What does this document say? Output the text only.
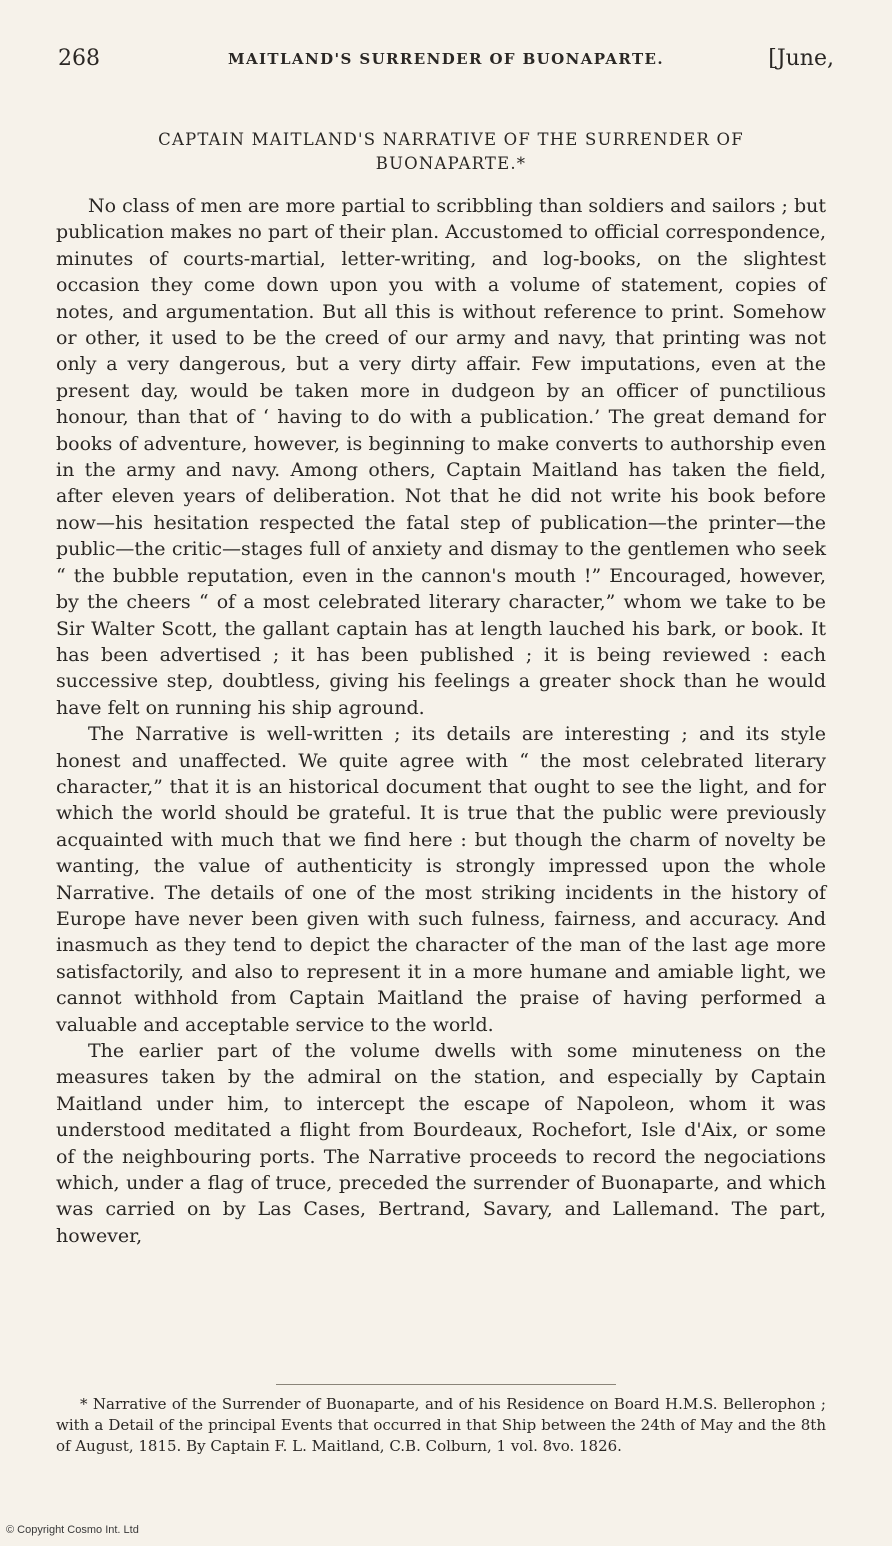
268	MAITLAND'S SURRENDER OF BUONAPARTE.	[June,
CAPTAIN MAITLAND'S NARRATIVE OF THE SURRENDER OF
BUONAPARTE.*

No class of men are more partial to scribbling than soldiers and sailors ; but publication makes no part of their plan. Accustomed to official correspondence, minutes of courts-martial, letter-writing, and log-books, on the slightest occasion they come down upon you with a volume of statement, copies of notes, and argumentation. But all this is without reference to print. Somehow or other, it used to be the creed of our army and navy, that printing was not only a very dangerous, but a very dirty affair. Few imputations, even at the present day, would be taken more in dudgeon by an officer of punctilious honour, than that of ‘ having to do with a publication.’ The great demand for books of adventure, however, is beginning to make converts to authorship even in the army and navy. Among others, Captain Maitland has taken the field, after eleven years of deliberation. Not that he did not write his book before now—his hesitation respected the fatal step of publication—the printer—the public—the critic—stages full of anxiety and dismay to the gentlemen who seek “ the bubble reputation, even in the cannon's mouth !” Encouraged, however, by the cheers “ of a most celebrated literary character,” whom we take to be Sir Walter Scott, the gallant captain has at length lauched his bark, or book. It has been advertised ; it has been published ; it is being reviewed : each successive step, doubtless, giving his feelings a greater shock than he would have felt on running his ship aground.

The Narrative is well-written ; its details are interesting ; and its style honest and unaffected. We quite agree with “ the most celebrated literary character,” that it is an historical document that ought to see the light, and for which the world should be grateful. It is true that the public were previously acquainted with much that we find here : but though the charm of novelty be wanting, the value of authenticity is strongly impressed upon the whole Narrative. The details of one of the most striking incidents in the history of Europe have never been given with such fulness, fairness, and accuracy. And inasmuch as they tend to depict the character of the man of the last age more satisfactorily, and also to represent it in a more humane and amiable light, we cannot withhold from Captain Maitland the praise of having performed a valuable and acceptable service to the world.

The earlier part of the volume dwells with some minuteness on the measures taken by the admiral on the station, and especially by Captain Maitland under him, to intercept the escape of Napoleon, whom it was understood meditated a flight from Bourdeaux, Rochefort, Isle d'Aix, or some of the neighbouring ports. The Narrative proceeds to record the negociations which, under a flag of truce, preceded the surrender of Buonaparte, and which was carried on by Las Cases, Bertrand, Savary, and Lallemand. The part, however,

* Narrative of the Surrender of Buonaparte, and of his Residence on Board H.M.S. Bellerophon ; with a Detail of the principal Events that occurred in that Ship between the 24th of May and the 8th of August, 1815. By Captain F. L. Maitland, C.B. Colburn, 1 vol. 8vo. 1826.

© Copyright Cosmo Int. Ltd
